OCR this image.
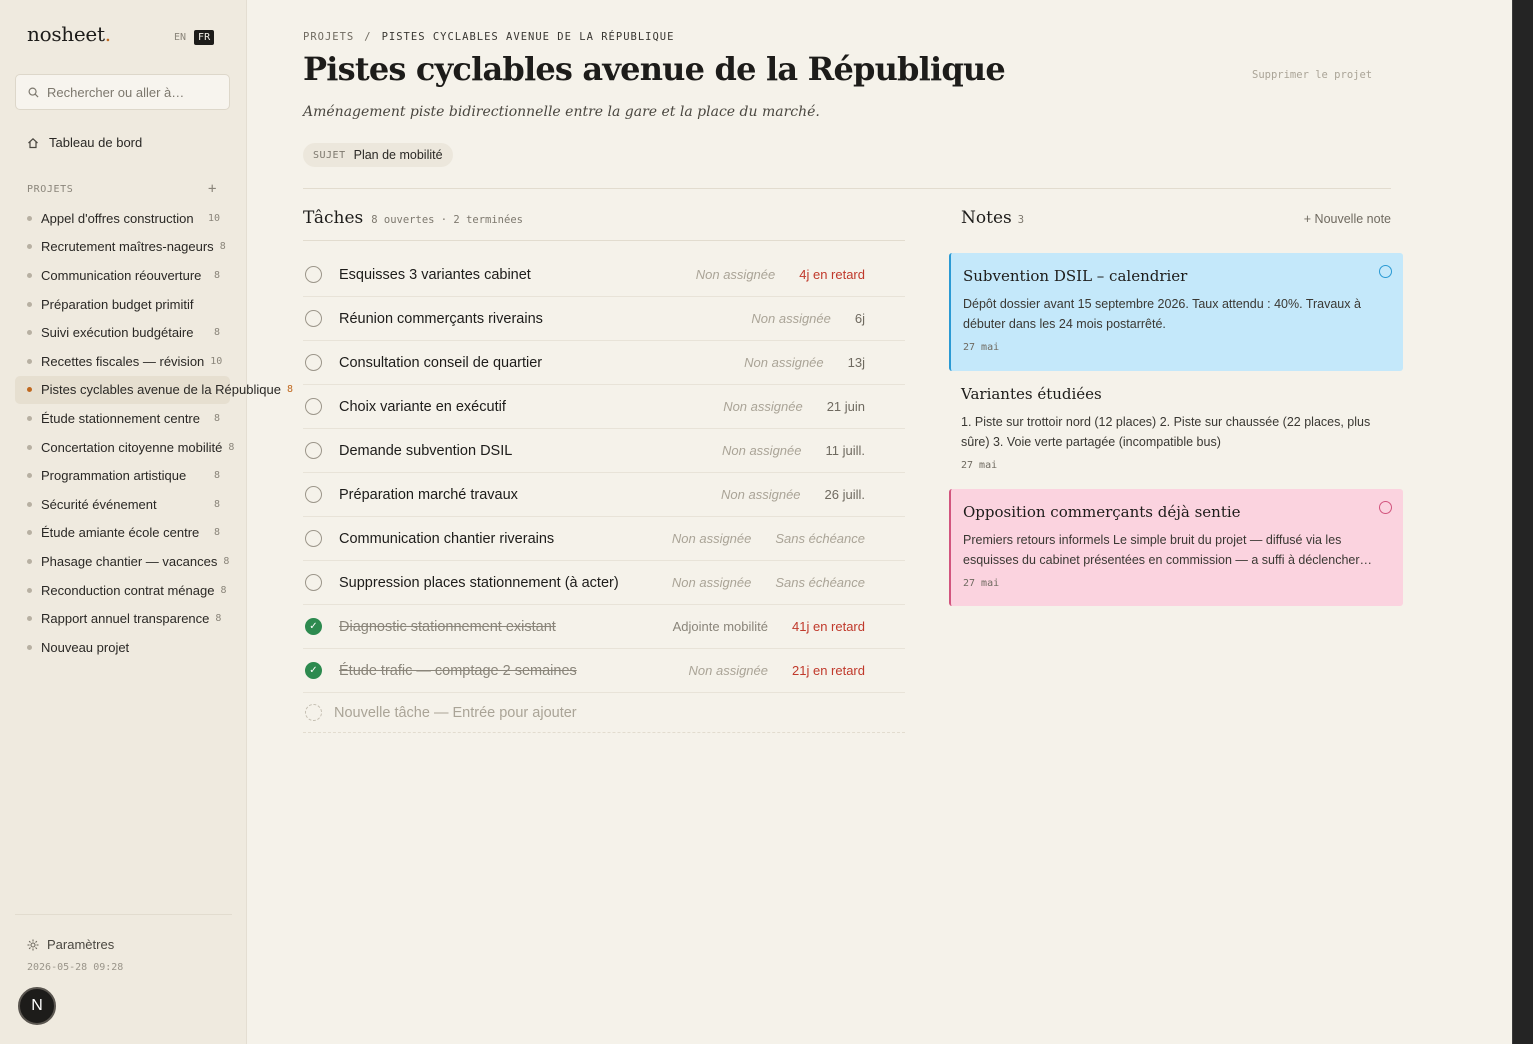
nosheet.	EN	FR
Rechercher ou aller à…
Tableau de bord
PROJETS	+
Appel d'offres construction	10
Recrutement maîtres-nageurs 8
Communication réouverture	8
Préparation budget primitif
Suivi exécution budgétaire	8
Recettes fiscales — révision 10
Pistes cyclables avenue de la République 8
Étude stationnement centre	8
Concertation citoyenne mobilité 8
Programmation artistique	8
Sécurité événement	8
Étude amiante école centre	8
Phasage chantier — vacances 8
Reconduction contrat ménage 8
Rapport annuel transparence 8
Nouveau projet
Paramètres
2026-05-28 09:28
N
PROJETS / PISTES CYCLABLES AVENUE DE LA RÉPUBLIQUE
Pistes cyclables avenue de la République	Supprimer le projet
Aménagement piste bidirectionnelle entre la gare et la place du marché.
SUJET Plan de mobilité
Tâches 8 ouvertes · 2 terminées
Esquisses 3 variantes cabinet	Non assignée 4j en retard
Réunion commerçants riverains	Non assignée 6j
Consultation conseil de quartier	Non assignée 13j
Choix variante en exécutif	Non assignée 21 juin
Demande subvention DSIL	Non assignée 11 juill.
Préparation marché travaux	Non assignée 26 juill.
Communication chantier riverains	Non assignée Sans échéance
Suppression places stationnement (à acter)	Non assignée Sans échéance
✓ Diagnostic stationnement existant	Adjointe mobilité 41j en retard
✓ Étude trafic — comptage 2 semaines	Non assignée 21j en retard
Nouvelle tâche — Entrée pour ajouter
Notes 3	+ Nouvelle note
Subvention DSIL – calendrier
Dépôt dossier avant 15 septembre 2026. Taux attendu : 40%. Travaux à débuter dans les 24 mois postarrêté.
27 mai
Variantes étudiées
1. Piste sur trottoir nord (12 places) 2. Piste sur chaussée (22 places, plus sûre) 3. Voie verte partagée (incompatible bus)
27 mai
Opposition commerçants déjà sentie
Premiers retours informels Le simple bruit du projet — diffusé via les esquisses du cabinet présentées en commission — a suffi à déclencher…
27 mai
